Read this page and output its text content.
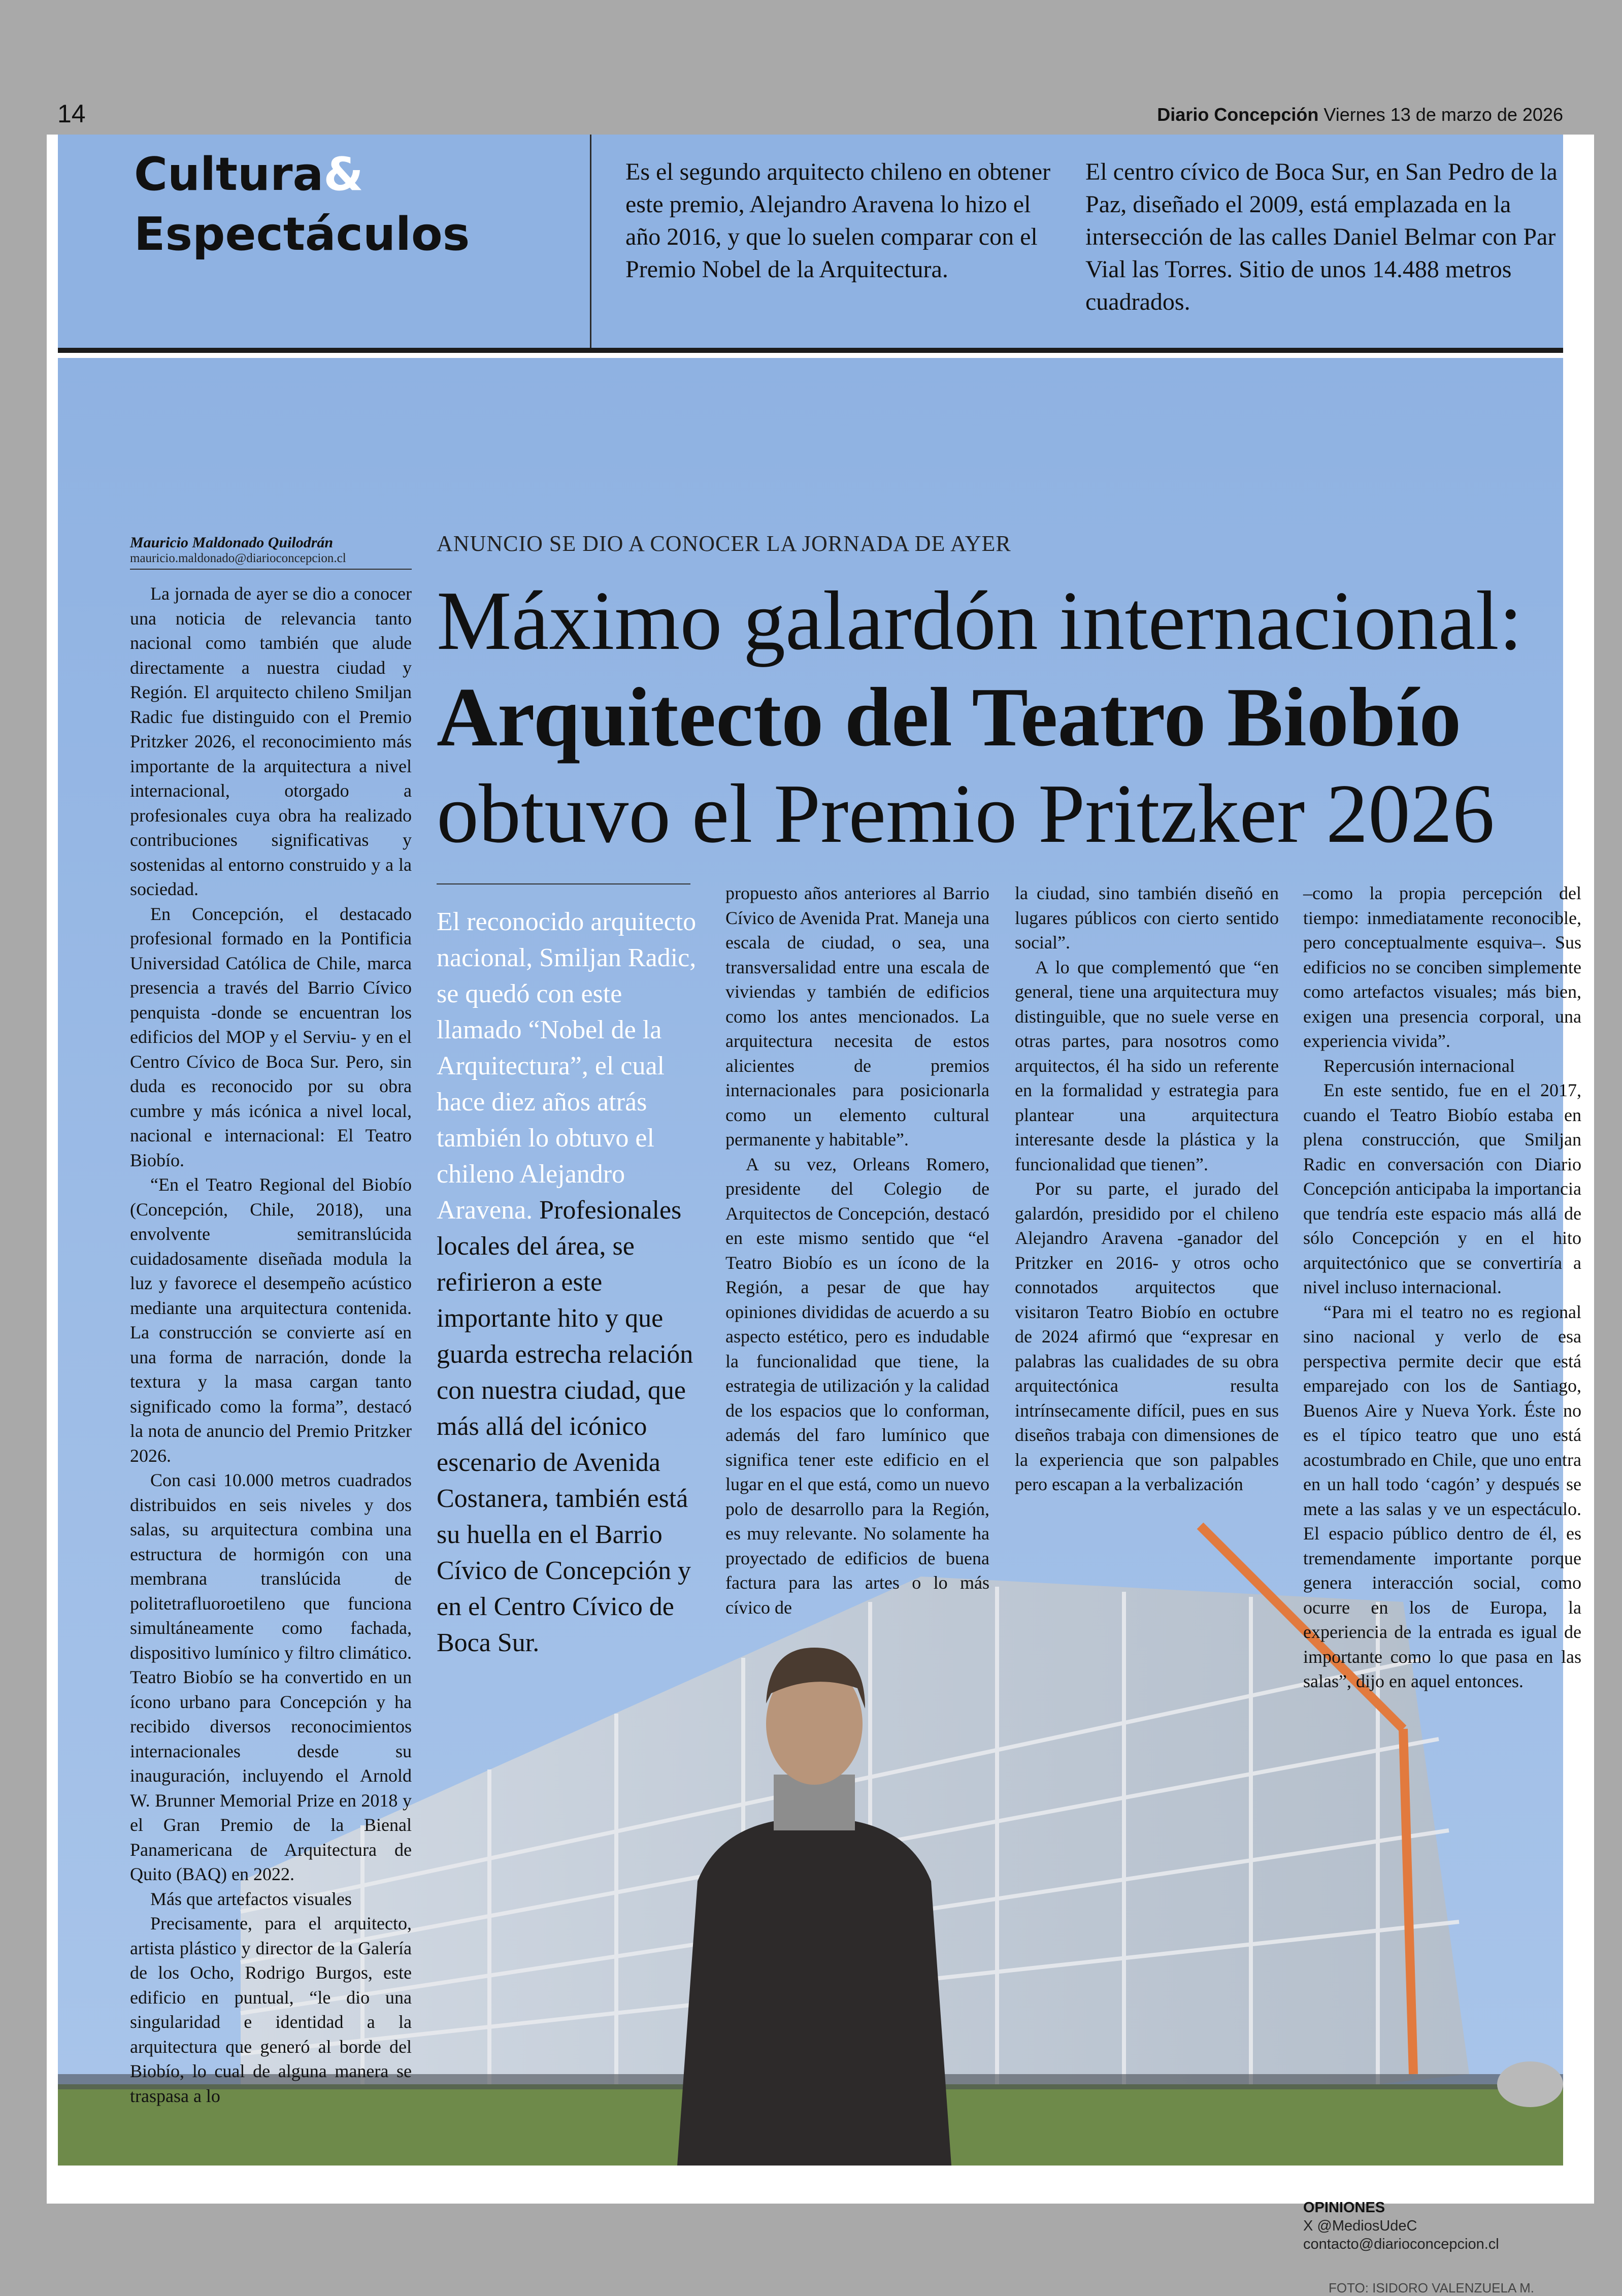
14	Diario Concepción Viernes 13 de marzo de 2026
Cultura&
Espectáculos
Es el segundo arquitecto chileno en obtener este premio, Alejandro Aravena lo hizo el año 2016, y que lo suelen comparar con el Premio Nobel de la Arquitectura.
El centro cívico de Boca Sur, en San Pedro de la Paz, diseñado el 2009, está emplazada en la intersección de las calles Daniel Belmar con Par Vial las Torres. Sitio de unos 14.488 metros cuadrados.
Mauricio Maldonado Quilodrán
mauricio.maldonado@diarioconcepcion.cl
ANUNCIO SE DIO A CONOCER LA JORNADA DE AYER
Máximo galardón internacional:
Arquitecto del Teatro Biobío
obtuvo el Premio Pritzker 2026

La jornada de ayer se dio a conocer una noticia de relevancia tanto nacional como también que alude directamente a nuestra ciudad y Región. El arquitecto chileno Smiljan Radic fue distinguido con el Premio Pritzker 2026, el reconocimiento más importante de la arquitectura a nivel internacional, otorgado a profesionales cuya obra ha realizado contribuciones significativas y sostenidas al entorno construido y a la sociedad.

En Concepción, el destacado profesional formado en la Pontificia Universidad Católica de Chile, marca presencia a través del Barrio Cívico penquista -donde se encuentran los edificios del MOP y el Serviu- y en el Centro Cívico de Boca Sur. Pero, sin duda es reconocido por su obra cumbre y más icónica a nivel local, nacional e internacional: El Teatro Biobío.

“En el Teatro Regional del Biobío (Concepción, Chile, 2018), una envolvente semitranslúcida cuidadosamente diseñada modula la luz y favorece el desempeño acústico mediante una arquitectura contenida. La construcción se convierte así en una forma de narración, donde la textura y la masa cargan tanto significado como la forma”, destacó la nota de anuncio del Premio Pritzker 2026.

Con casi 10.000 metros cuadrados distribuidos en seis niveles y dos salas, su arquitectura combina una estructura de hormigón con una membrana translúcida de politetrafluoroetileno que funciona simultáneamente como fachada, dispositivo lumínico y filtro climático. Teatro Biobío se ha convertido en un ícono urbano para Concepción y ha recibido diversos reconocimientos internacionales desde su inauguración, incluyendo el Arnold W. Brunner Memorial Prize en 2018 y el Gran Premio de la Bienal Panamericana de Arquitectura de Quito (BAQ) en 2022.

Más que artefactos visuales

Precisamente, para el arquitecto, artista plástico y director de la Galería de los Ocho, Rodrigo Burgos, este edificio en puntual, “le dio una singularidad e identidad a la arquitectura que generó al borde del Biobío, lo cual de alguna manera se traspasa a lo

El reconocido arquitecto nacional, Smiljan Radic, se quedó con este llamado “Nobel de la Arquitectura”, el cual hace diez años atrás también lo obtuvo el chileno Alejandro Aravena. Profesionales locales del área, se refirieron a este importante hito y que guarda estrecha relación con nuestra ciudad, que más allá del icónico escenario de Avenida Costanera, también está su huella en el Barrio Cívico de Concepción y en el Centro Cívico de Boca Sur.

propuesto años anteriores al Barrio Cívico de Avenida Prat. Maneja una escala de ciudad, o sea, una transversalidad entre una escala de viviendas y también de edificios como los antes mencionados. La arquitectura necesita de estos alicientes de premios internacionales para posicionarla como un elemento cultural permanente y habitable”.

A su vez, Orleans Romero, presidente del Colegio de Arquitectos de Concepción, destacó en este mismo sentido que “el Teatro Biobío es un ícono de la Región, a pesar de que hay opiniones divididas de acuerdo a su aspecto estético, pero es indudable la funcionalidad que tiene, la estrategia de utilización y la calidad de los espacios que lo conforman, además del faro lumínico que significa tener este edificio en el lugar en el que está, como un nuevo polo de desarrollo para la Región, es muy relevante. No solamente ha proyectado de edificios de buena factura para las artes o lo más cívico de

la ciudad, sino también diseñó en lugares públicos con cierto sentido social”.

A lo que complementó que “en general, tiene una arquitectura muy distinguible, que no suele verse en otras partes, para nosotros como arquitectos, él ha sido un referente en la formalidad y estrategia para plantear una arquitectura interesante desde la plástica y la funcionalidad que tienen”.

Por su parte, el jurado del galardón, presidido por el chileno Alejandro Aravena -ganador del Pritzker en 2016- y otros ocho connotados arquitectos que visitaron Teatro Biobío en octubre de 2024 afirmó que “expresar en palabras las cualidades de su obra arquitectónica resulta intrínsecamente difícil, pues en sus diseños trabaja con dimensiones de la experiencia que son palpables pero escapan a la verbalización

–como la propia percepción del tiempo: inmediatamente reconocible, pero conceptualmente esquiva–. Sus edificios no se conciben simplemente como artefactos visuales; más bien, exigen una presencia corporal, una experiencia vivida”.

Repercusión internacional

En este sentido, fue en el 2017, cuando el Teatro Biobío estaba en plena construcción, que Smiljan Radic en conversación con Diario Concepción anticipaba la importancia que tendría este espacio más allá de sólo Concepción y en el hito arquitectónico que se convertiría a nivel incluso internacional.

“Para mi el teatro no es regional sino nacional y verlo de esa perspectiva permite decir que está emparejado con los de Santiago, Buenos Aire y Nueva York. Éste no es el típico teatro que uno está acostumbrado en Chile, que uno entra en un hall todo ‘cagón’ y después se mete a las salas y ve un espectáculo. El espacio público dentro de él, es tremendamente importante porque genera interacción social, como ocurre en los de Europa, la experiencia de la entrada es igual de importante como lo que pasa en las salas”, dijo en aquel entonces.

OPINIONES
X @MediosUdeC
contacto@diarioconcepcion.cl
FOTO: ISIDORO VALENZUELA M.
